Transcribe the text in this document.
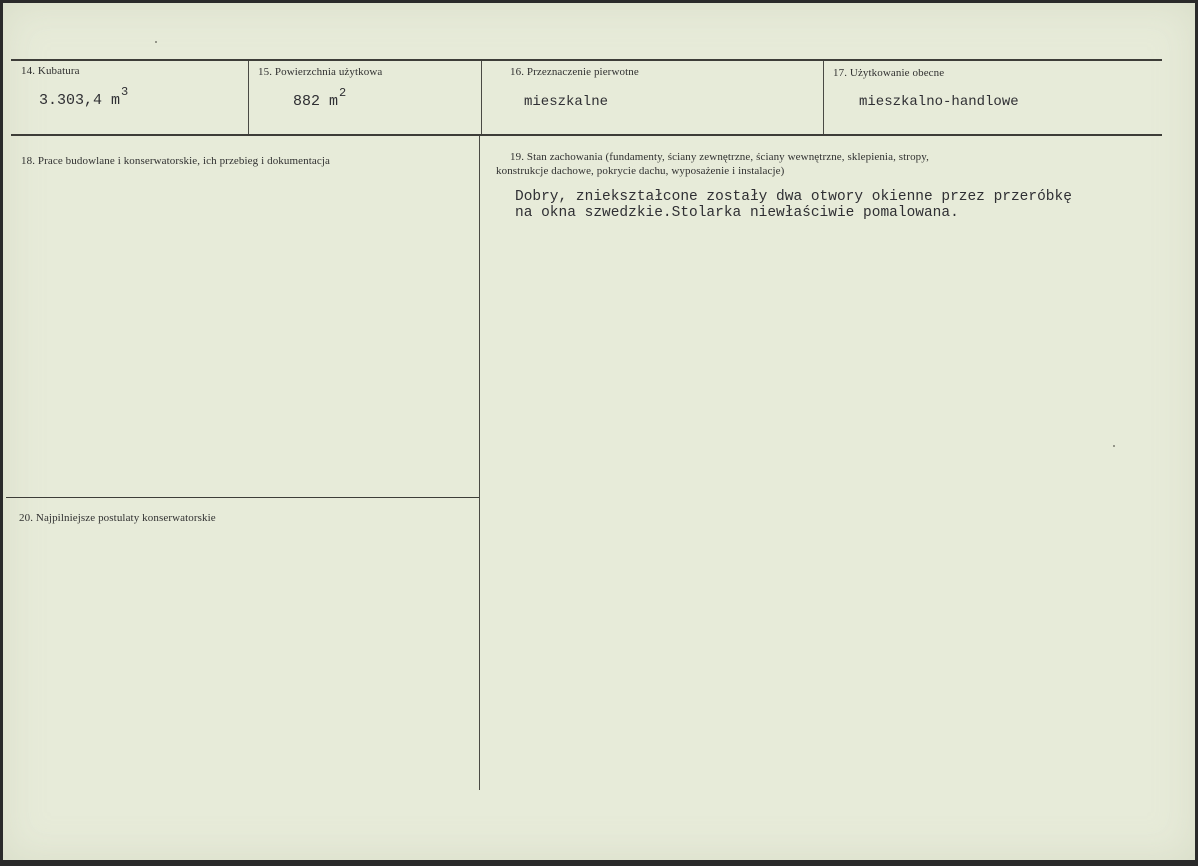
14. Kubatura
3.303,4 $m^3$
15. Powierzchnia użytkowa
882 $m^2$
16. Przeznaczenie pierwotne
mieszkalne
17. Użytkowanie obecne
mieszkalno-handlowe
18. Prace budowlane i konserwatorskie, ich przebieg i dokumentacja	19. Stan zachowania (fundamenty, ściany zewnętrzne, ściany wewnętrzne, sklepienia, stropy,
konstrukcje dachowe, pokrycie dachu, wyposażenie i instalacje)
Dobry, zniekształcone zostały dwa otwory okienne przez przeróbkę
na okna szwedzkie.Stolarka niewłaściwie pomalowana.
20. Najpilniejsze postulaty konserwatorskie
